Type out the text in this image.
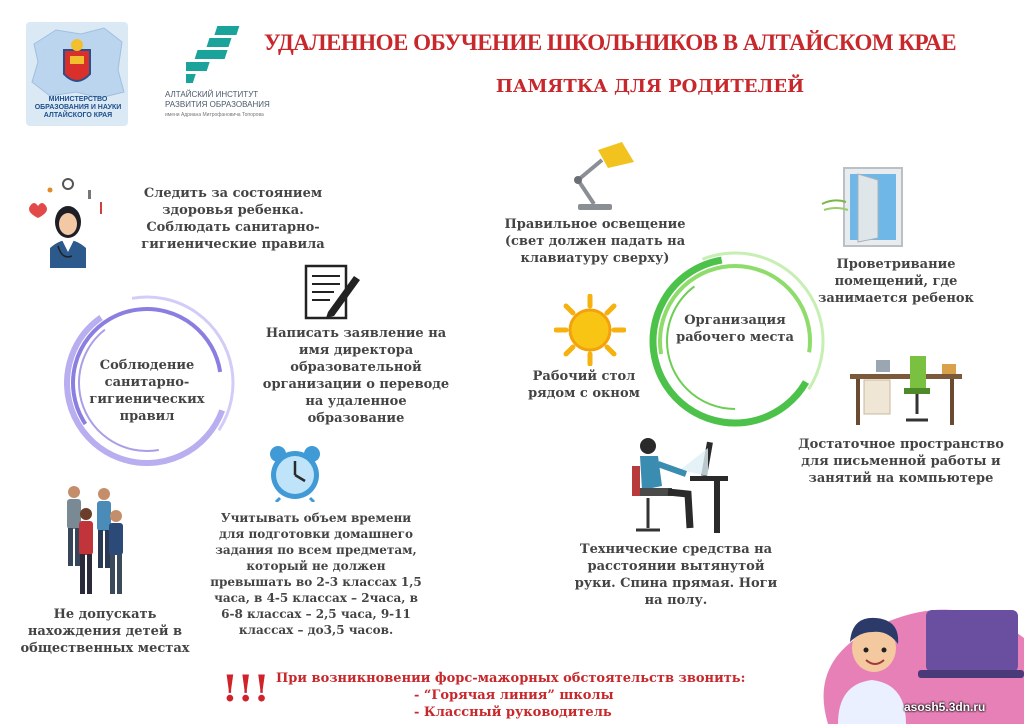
МИНИСТЕРСТВО
ОБРАЗОВАНИЯ И НАУКИ
АЛТАЙСКОГО КРАЯ
АЛТАЙСКИЙ ИНСТИТУТ
РАЗВИТИЯ ОБРАЗОВАНИЯ
имени Адриана Митрофановича Топорова
УДАЛЕННОЕ ОБУЧЕНИЕ ШКОЛЬНИКОВ В АЛТАЙСКОМ КРАЕ
ПАМЯТКА ДЛЯ РОДИТЕЛЕЙ
Следить за состоянием
здоровья ребенка.
Соблюдать санитарно-
гигиенические правила
Написать заявление на
имя директора
образовательной
организации о переводе
на удаленное
образование
Соблюдение
санитарно-
гигиенических
правил
Учитывать объем времени
для подготовки домашнего
задания по всем предметам,
который не должен
превышать во 2-3 классах 1,5
часа, в 4-5 классах – 2часа, в
6-8 классах – 2,5 часа, 9-11
классах – до3,5 часов.
Не допускать
нахождения детей в
общественных местах
Правильное освещение
(свет должен падать на
клавиатуру сверху)	Проветривание
помещений, где
занимается ребенок
Рабочий стол
рядом с окном
Организация
рабочего места
Достаточное пространство
для письменной работы и
занятий на компьютере
Технические средства на
расстоянии вытянутой
руки. Спина прямая. Ноги
на полу.
asosh5.3dn.ru
!!! При возникновении форс-мажорных обстоятельств звонить:
- “Горячая линия” школы
- Классный руководитель
